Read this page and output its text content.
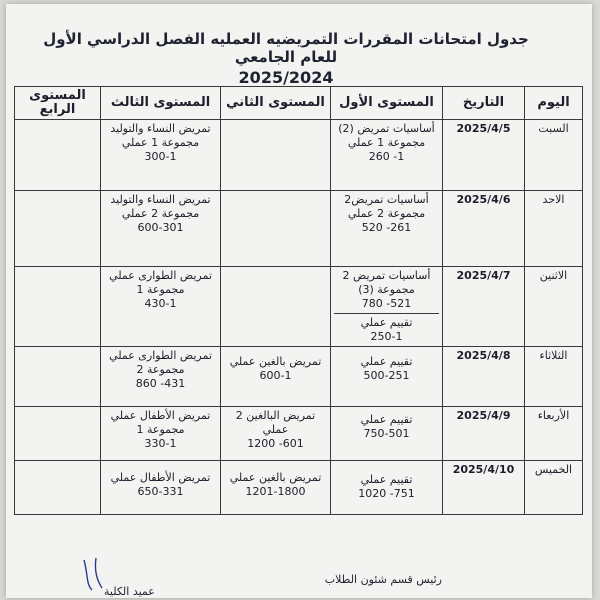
جدول امتحانات المقررات التمريضيه العمليه الفصل الدراسي الأول للعام الجامعي
2025/2024
اليوم	التاريخ	المستوى الأول	المستوى الثاني	المستوى الثالث	المستوى الرابع
السبت	2025/4/5	أساسيات تمريض (2)
مجموعة 1 عملي
1- 260		تمريض النساء والتوليد
مجموعة 1 عملي
300-1	

الاحد	2025/4/6	أساسيات تمريض2
مجموعة 2 عملي
261- 520		تمريض النساء والتوليد
مجموعة 2 عملي
600-301	

الاثنين	2025/4/7	أساسيات تمريض 2
مجموعة (3)
521- 780
تقييم عملي
250-1		تمريض الطوارى عملي
مجموعة 1
430-1	

الثلاثاء	2025/4/8	تقييم عملي
500-251	تمريض بالغين عملي
600-1	تمريض الطوارى عملي
مجموعة 2
431- 860	

الأربعاء	2025/4/9	تقييم عملي
750-501	تمريض البالغين 2
عملي
601- 1200	تمريض الأطفال عملي
مجموعة 1
330-1	

الخميس	2025/4/10	تقييم عملي
751- 1020	تمريض بالغين عملي
1201-1800	تمريض الأطفال عملي
650-331	

رئيس قسم شئون الطلاب
عميد الكلية
